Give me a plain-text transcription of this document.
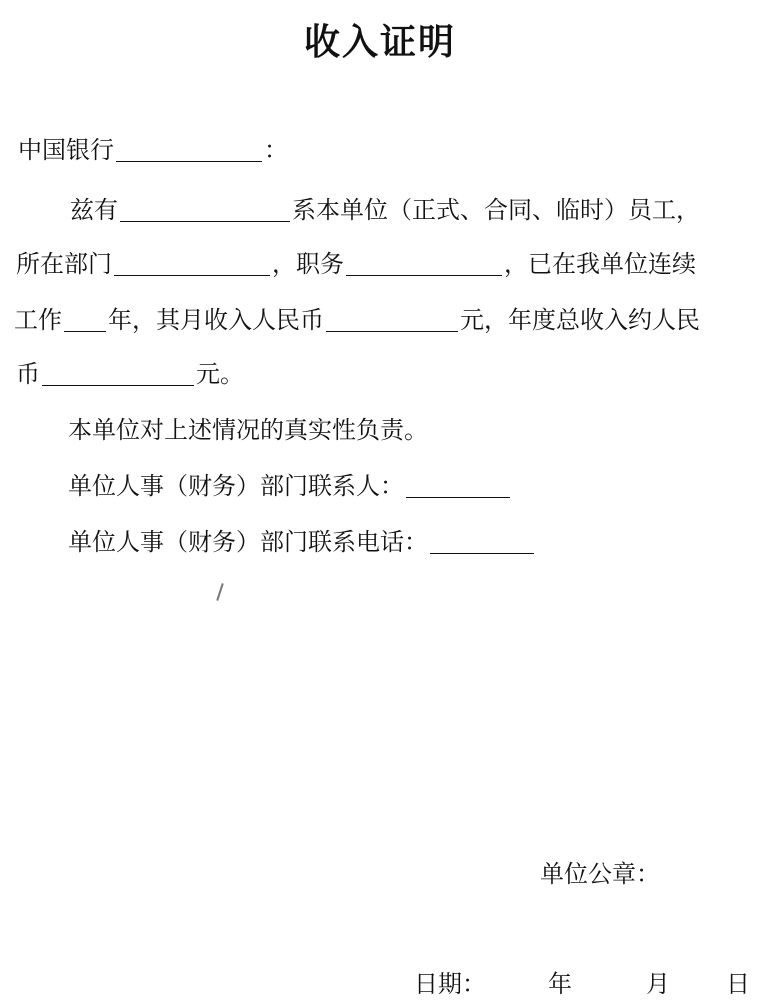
收入证明
中国银行	：
兹有	系本单位（正式、合同、临时）员工，
所在部门	，职务	，已在我单位连续
工作 年，其月收入人民币	元，年度总收入约人民
币	元。
本单位对上述情况的真实性负责。
单位人事（财务）部门联系人：
单位人事（财务）部门联系电话：
单位公章：
日期：	年	月 日
